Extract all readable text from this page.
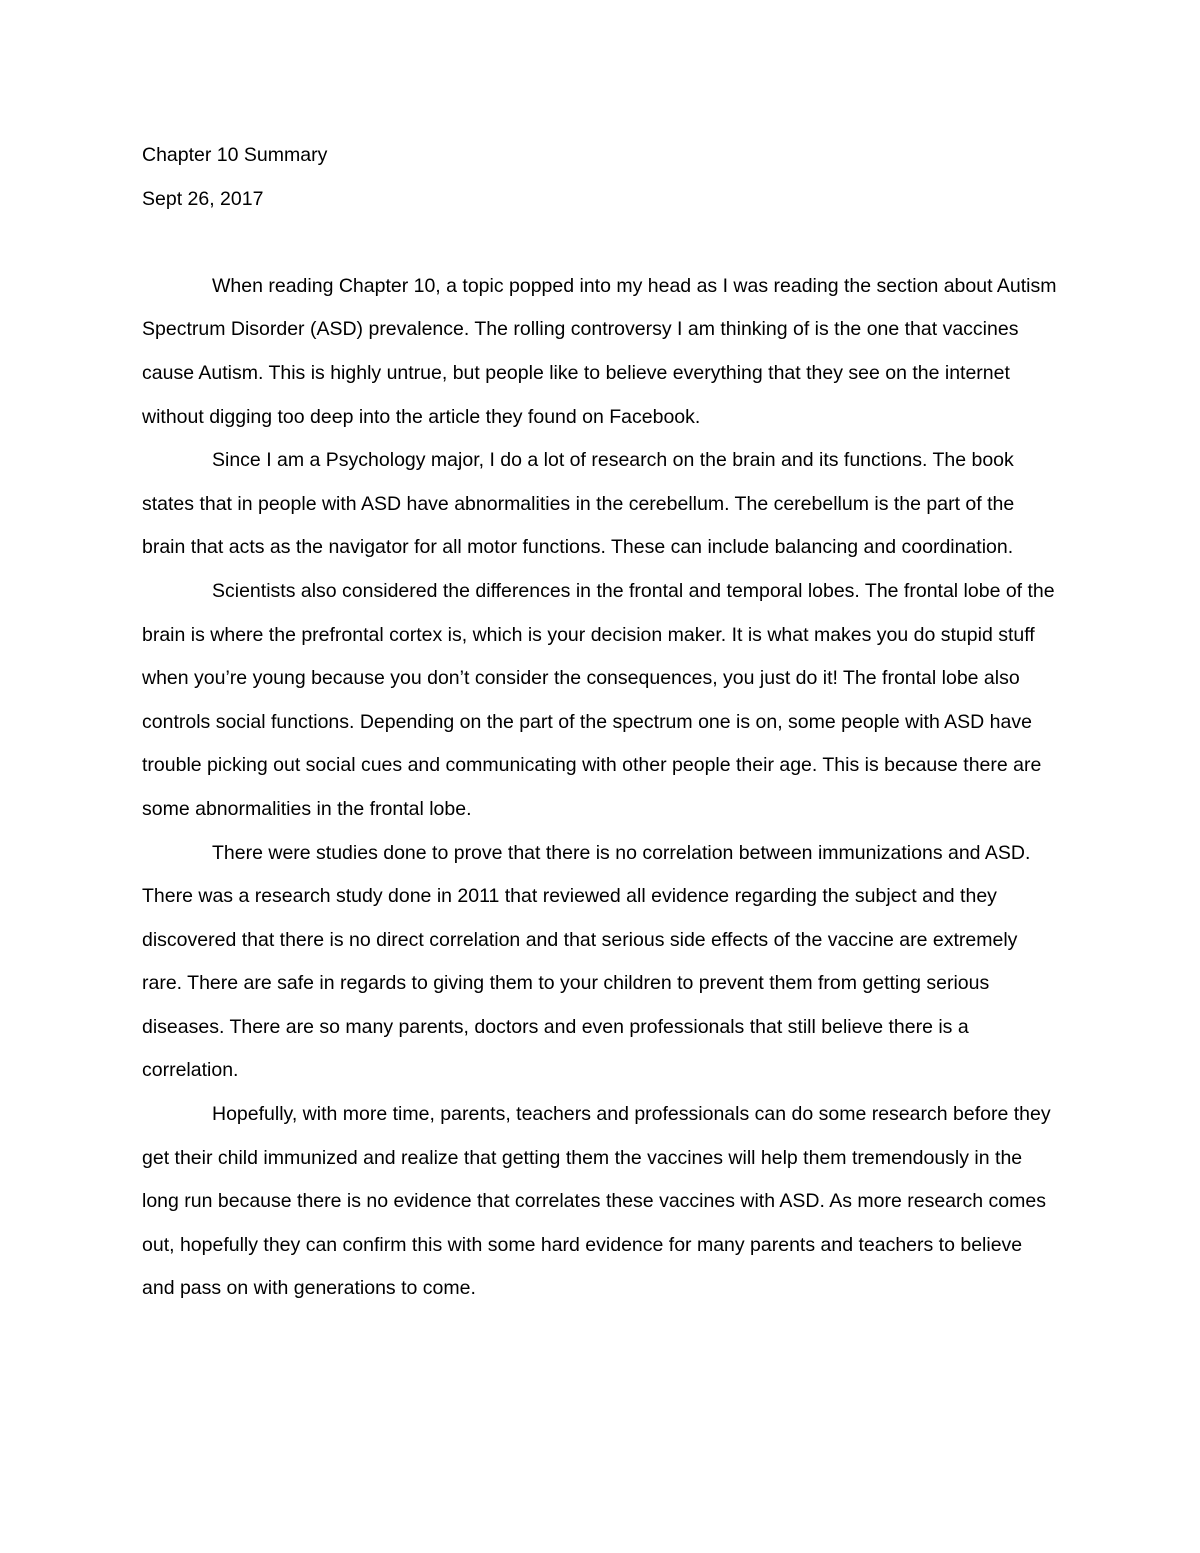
Chapter 10 Summary

Sept 26, 2017

When reading Chapter 10, a topic popped into my head as I was reading the section about Autism Spectrum Disorder (ASD) prevalence. The rolling controversy I am thinking of is the one that vaccines cause Autism. This is highly untrue, but people like to believe everything that they see on the internet without digging too deep into the article they found on Facebook.

Since I am a Psychology major, I do a lot of research on the brain and its functions. The book states that in people with ASD have abnormalities in the cerebellum. The cerebellum is the part of the brain that acts as the navigator for all motor functions. These can include balancing and coordination.

Scientists also considered the differences in the frontal and temporal lobes. The frontal lobe of the brain is where the prefrontal cortex is, which is your decision maker. It is what makes you do stupid stuff when you’re young because you don’t consider the consequences, you just do it! The frontal lobe also controls social functions. Depending on the part of the spectrum one is on, some people with ASD have trouble picking out social cues and communicating with other people their age. This is because there are some abnormalities in the frontal lobe.

There were studies done to prove that there is no correlation between immunizations and ASD. There was a research study done in 2011 that reviewed all evidence regarding the subject and they discovered that there is no direct correlation and that serious side effects of the vaccine are extremely rare. There are safe in regards to giving them to your children to prevent them from getting serious diseases. There are so many parents, doctors and even professionals that still believe there is a correlation.

Hopefully, with more time, parents, teachers and professionals can do some research before they get their child immunized and realize that getting them the vaccines will help them tremendously in the long run because there is no evidence that correlates these vaccines with ASD. As more research comes out, hopefully they can confirm this with some hard evidence for many parents and teachers to believe and pass on with generations to come.
